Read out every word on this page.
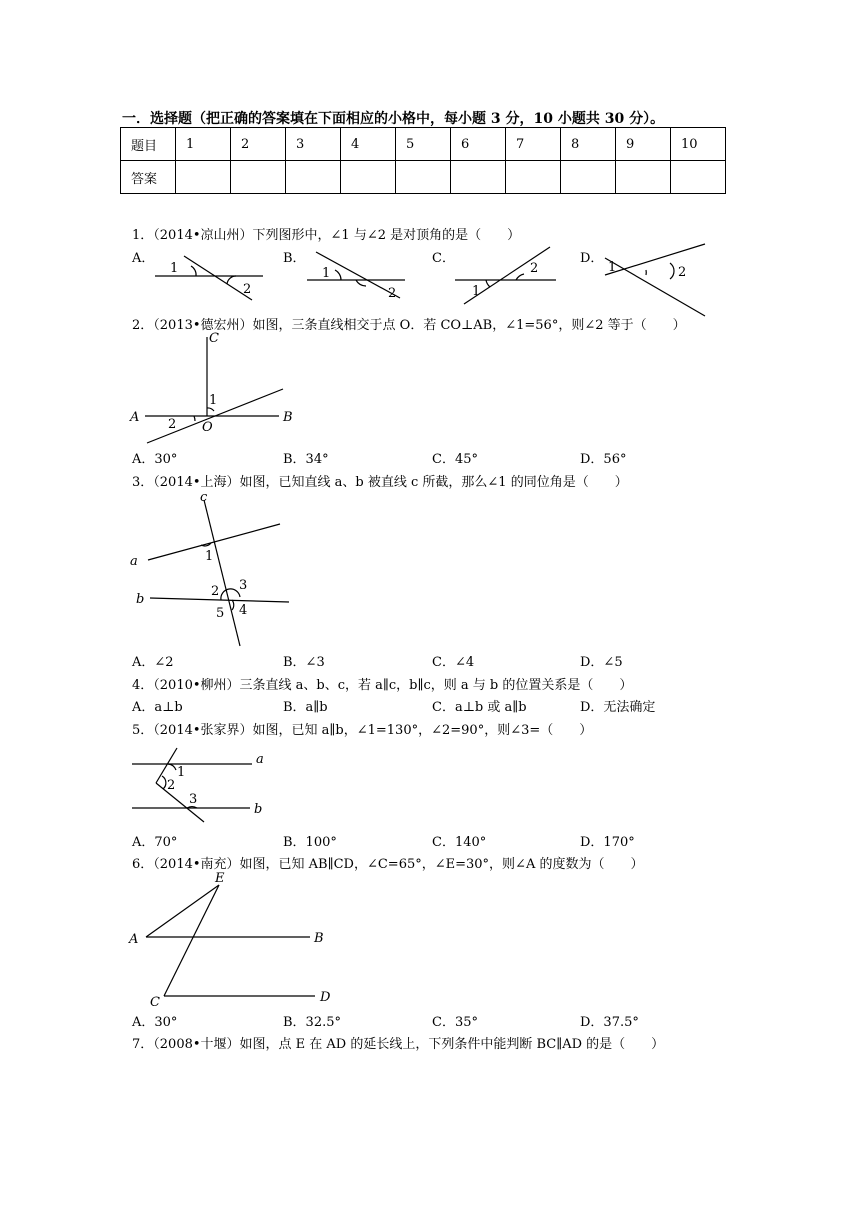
一．选择题（把正确的答案填在下面相应的小格中，每小题 3 分，10 小题共 30 分）。
题目	1	2	3	4	5	6	7	8	9	10
答案										
1．（2014•凉山州）下列图形中，∠1 与∠2 是对顶角的是（　　）
A．	B．	C．	D．
1
2
1
2	1
2	1	2
2．（2013•德宏州）如图，三条直线相交于点 O．若 CO⊥AB，∠1=56°，则∠2 等于（　　）
C
1
A 2 O
B
A．30°	B．34°	C．45°	D．56°
3．（2014•上海）如图，已知直线 a、b 被直线 c 所截，那么∠1 的同位角是（　　）
c
a	1
2 3
b
5 4
A．∠2	B．∠3	C．∠4	D．∠5
4．（2010•柳州）三条直线 a、b、c，若 a∥c，b∥c，则 a 与 b 的位置关系是（　　）
A．a⊥b	B．a∥b	C．a⊥b 或 a∥b	D．无法确定
5．（2014•张家界）如图，已知 a∥b，∠1=130°，∠2=90°，则∠3=（　　）
a
1
2
3
b
A．70°	B．100°	C．140°	D．170°
6．（2014•南充）如图，已知 AB∥CD，∠C=65°，∠E=30°，则∠A 的度数为（　　）
E
A	B
C	D
A．30°	B．32.5°	C．35°	D．37.5°
7．（2008•十堰）如图，点 E 在 AD 的延长线上，下列条件中能判断 BC∥AD 的是（　　）
